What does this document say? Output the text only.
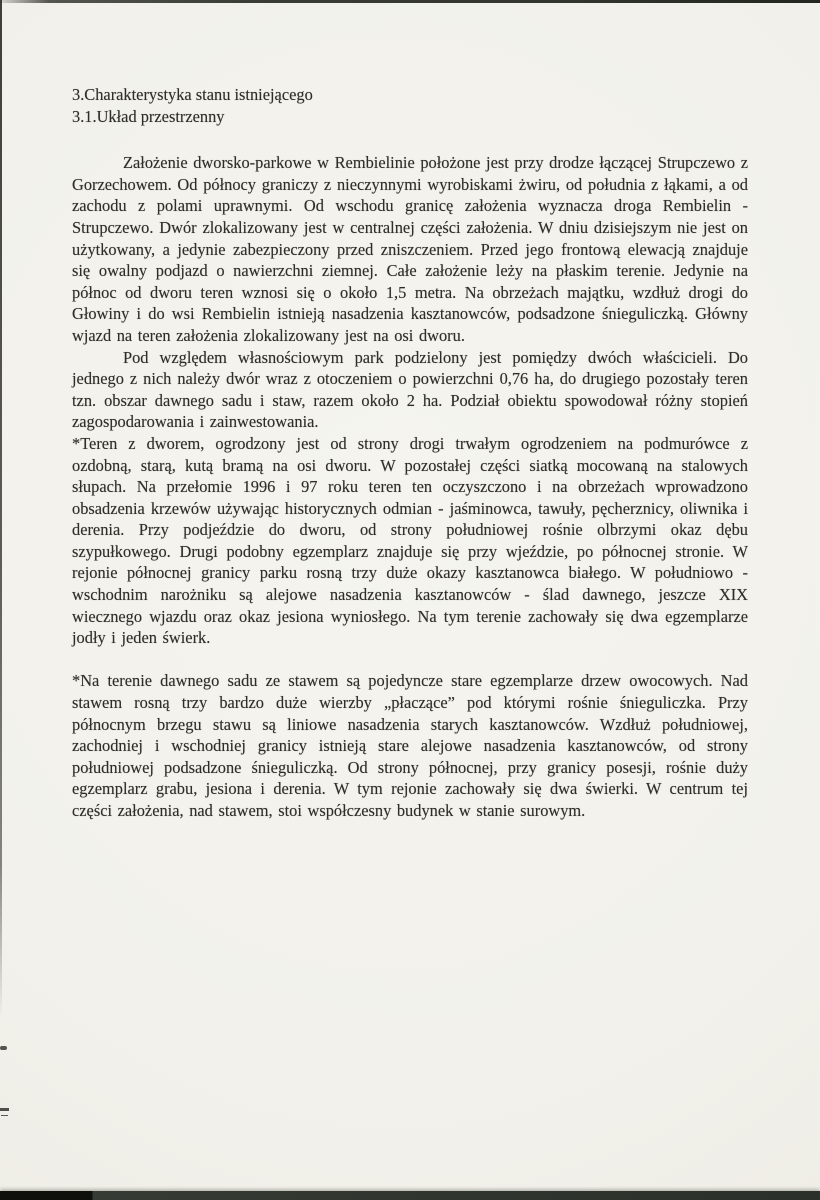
3.Charakterystyka stanu istniejącego
3.1.Układ przestrzenny

Założenie dworsko-parkowe w Rembielinie położone jest przy drodze łączącej Strupczewo z Gorzechowem. Od północy graniczy z nieczynnymi wyrobiskami żwiru, od południa z łąkami, a od zachodu z polami uprawnymi. Od wschodu granicę założenia wyznacza droga Rembielin - Strupczewo. Dwór zlokalizowany jest w centralnej części założenia. W dniu dzisiejszym nie jest on użytkowany, a jedynie zabezpieczony przed zniszczeniem. Przed jego frontową elewacją znajduje się owalny podjazd o nawierzchni ziemnej. Całe założenie leży na płaskim terenie. Jedynie na północ od dworu teren wznosi się o około 1,5 metra. Na obrzeżach majątku, wzdłuż drogi do Głowiny i do wsi Rembielin istnieją nasadzenia kasztanowców, podsadzone śnieguliczką. Główny wjazd na teren założenia zlokalizowany jest na osi dworu.

Pod względem własnościowym park podzielony jest pomiędzy dwóch właścicieli. Do jednego z nich należy dwór wraz z otoczeniem o powierzchni 0,76 ha, do drugiego pozostały teren tzn. obszar dawnego sadu i staw, razem około 2 ha. Podział obiektu spowodował różny stopień zagospodarowania i zainwestowania.

*Teren z dworem, ogrodzony jest od strony drogi trwałym ogrodzeniem na podmurówce z ozdobną, starą, kutą bramą na osi dworu. W pozostałej części siatką mocowaną na stalowych słupach. Na przełomie 1996 i 97 roku teren ten oczyszczono i na obrzeżach wprowadzono obsadzenia krzewów używając historycznych odmian - jaśminowca, tawuły, pęcherznicy, oliwnika i derenia. Przy podjeździe do dworu, od strony południowej rośnie olbrzymi okaz dębu szypułkowego. Drugi podobny egzemplarz znajduje się przy wjeździe, po północnej stronie. W rejonie północnej granicy parku rosną trzy duże okazy kasztanowca białego. W południowo - wschodnim narożniku są alejowe nasadzenia kasztanowców - ślad dawnego, jeszcze XIX wiecznego wjazdu oraz okaz jesiona wyniosłego. Na tym terenie zachowały się dwa egzemplarze jodły i jeden świerk.

*Na terenie dawnego sadu ze stawem są pojedyncze stare egzemplarze drzew owocowych. Nad stawem rosną trzy bardzo duże wierzby „płaczące” pod którymi rośnie śnieguliczka. Przy północnym brzegu stawu są liniowe nasadzenia starych kasztanowców. Wzdłuż południowej, zachodniej i wschodniej granicy istnieją stare alejowe nasadzenia kasztanowców, od strony południowej podsadzone śnieguliczką. Od strony północnej, przy granicy posesji, rośnie duży egzemplarz grabu, jesiona i derenia. W tym rejonie zachowały się dwa świerki. W centrum tej części założenia, nad stawem, stoi współczesny budynek w stanie surowym.
